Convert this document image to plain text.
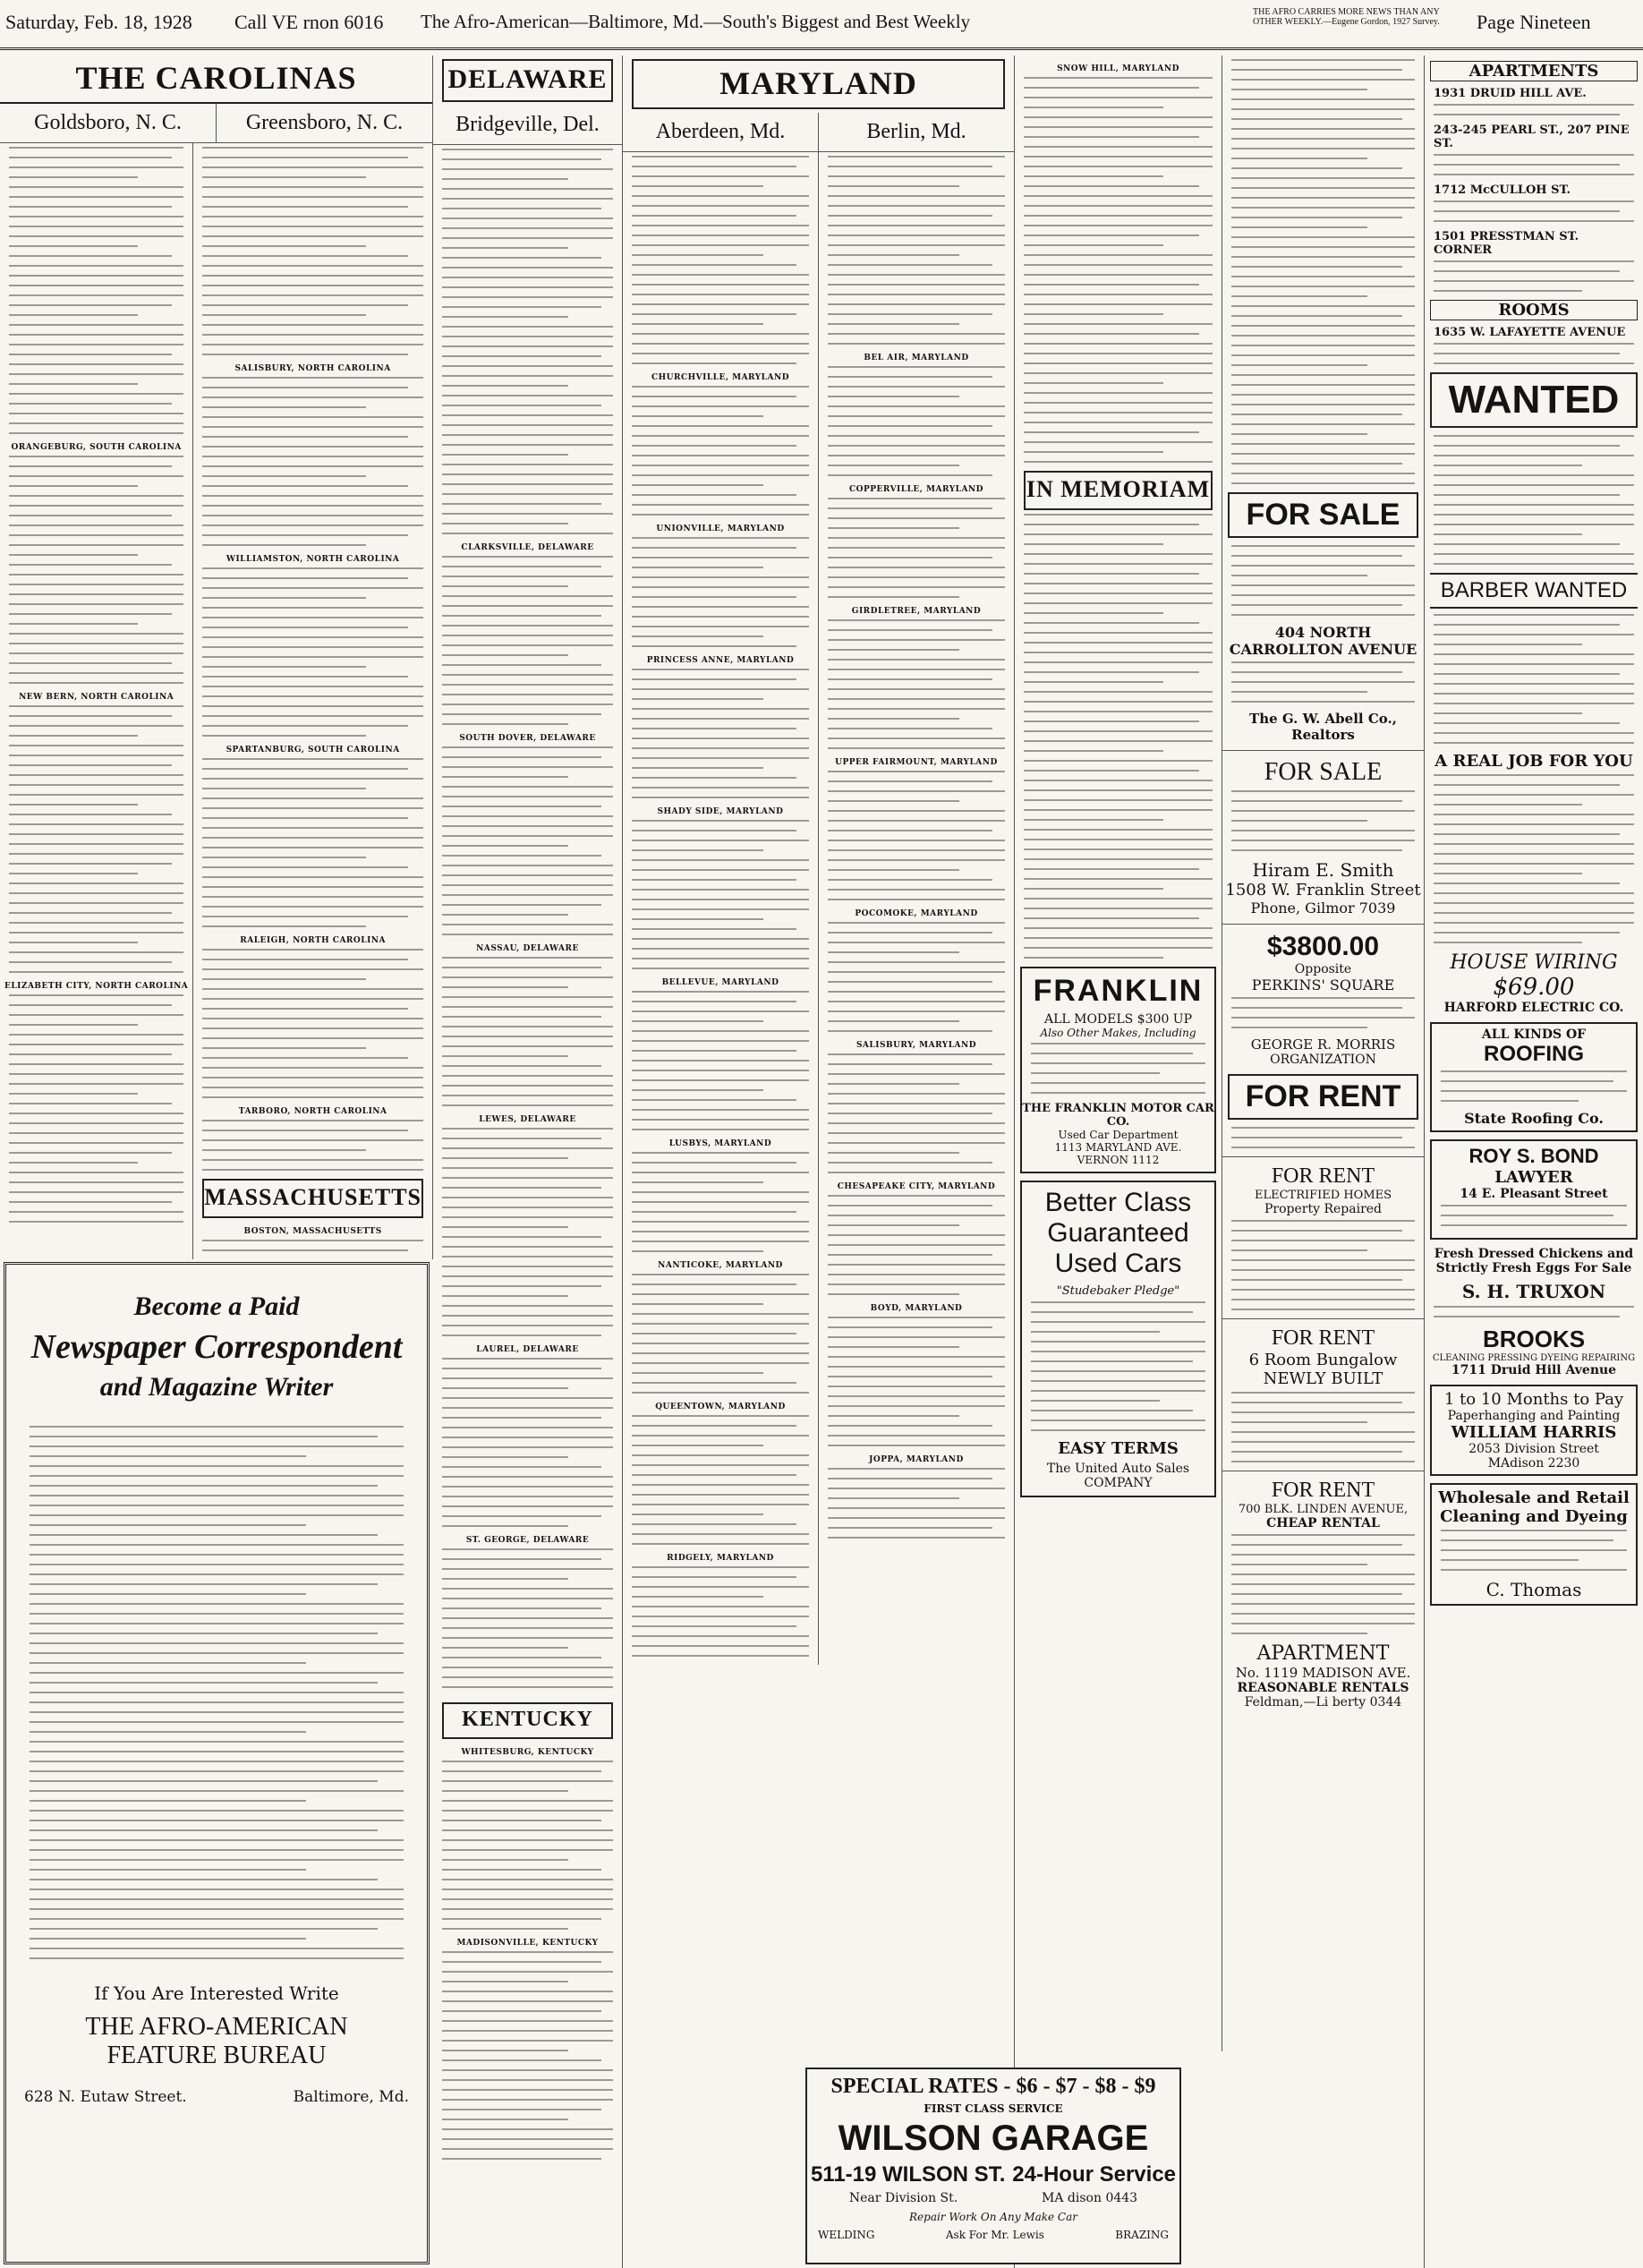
Saturday, Feb. 18, 1928 Call VE rnon 6016 The Afro-American—Baltimore, Md.—South's Biggest and Best Weekly	THE AFRO CARRIES MORE NEWS THAN ANY OTHER WEEKLY.—Eugene Gordon, 1927 Survey.	Page Nineteen
THE CAROLINAS
Goldsboro, N. C.	Greensboro, N. C.
ORANGEBURG, SOUTH CAROLINA
NEW BERN, NORTH CAROLINA
ELIZABETH CITY, NORTH CAROLINA
SALISBURY, NORTH CAROLINA
WILLIAMSTON, NORTH CAROLINA
SPARTANBURG, SOUTH CAROLINA
RALEIGH, NORTH CAROLINA
TARBORO, NORTH CAROLINA
MASSACHUSETTS
BOSTON, MASSACHUSETTS
Become a Paid
Newspaper Correspondent
and Magazine Writer
If You Are Interested Write
THE AFRO-AMERICAN FEATURE BUREAU
628 N. Eutaw Street.	Baltimore, Md.
DELAWARE
Bridgeville, Del.
CLARKSVILLE, DELAWARE
SOUTH DOVER, DELAWARE
NASSAU, DELAWARE
LEWES, DELAWARE
LAUREL, DELAWARE
ST. GEORGE, DELAWARE
KENTUCKY
WHITESBURG, KENTUCKY
MADISONVILLE, KENTUCKY
MARYLAND
Aberdeen, Md.	Berlin, Md.
CHURCHVILLE, MARYLAND
UNIONVILLE, MARYLAND
PRINCESS ANNE, MARYLAND
SHADY SIDE, MARYLAND
BELLEVUE, MARYLAND
LUSBYS, MARYLAND
NANTICOKE, MARYLAND
QUEENTOWN, MARYLAND
RIDGELY, MARYLAND
BEL AIR, MARYLAND
COPPERVILLE, MARYLAND
GIRDLETREE, MARYLAND
UPPER FAIRMOUNT, MARYLAND
POCOMOKE, MARYLAND
SALISBURY, MARYLAND
CHESAPEAKE CITY, MARYLAND
BOYD, MARYLAND
JOPPA, MARYLAND
SPECIAL RATES - $6 - $7 - $8 - $9
FIRST CLASS SERVICE
WILSON GARAGE
511-19 WILSON ST. 24-Hour Service
Near Division St.	MA dison 0443
Repair Work On Any Make Car
WELDING	Ask For Mr. Lewis	BRAZING
SNOW HILL, MARYLAND
IN MEMORIAM
FRANKLIN
ALL MODELS $300 UP
Also Other Makes, Including
THE FRANKLIN MOTOR CAR CO.
Used Car Department
1113 MARYLAND AVE.
VERNON 1112
Better Class
Guaranteed
Used Cars
"Studebaker Pledge"
EASY TERMS
The United Auto Sales COMPANY
FOR SALE
404 NORTH CARROLLTON AVENUE
The G. W. Abell Co., Realtors
FOR SALE
Hiram E. Smith
1508 W. Franklin Street
Phone, Gilmor 7039
$3800.00
Opposite
PERKINS' SQUARE
GEORGE R. MORRIS
ORGANIZATION
FOR RENT
FOR RENT
ELECTRIFIED HOMES
Property Repaired
FOR RENT
6 Room Bungalow
NEWLY BUILT
FOR RENT
700 BLK. LINDEN AVENUE,
CHEAP RENTAL
APARTMENT
No. 1119 MADISON AVE.
REASONABLE RENTALS
Feldman,—Li berty 0344
APARTMENTS
1931 DRUID HILL AVE.
243-245 PEARL ST., 207 PINE ST.
1712 McCULLOH ST.
1501 PRESSTMAN ST. CORNER
ROOMS
1635 W. LAFAYETTE AVENUE
WANTED
BARBER WANTED
A REAL JOB FOR YOU
HOUSE WIRING
$69.00
HARFORD ELECTRIC CO.
ALL KINDS OF
ROOFING
State Roofing Co.
ROY S. BOND
LAWYER
14 E. Pleasant Street
Fresh Dressed Chickens and Strictly Fresh Eggs For Sale
S. H. TRUXON
BROOKS
CLEANING PRESSING DYEING REPAIRING
1711 Druid Hill Avenue
1 to 10 Months to Pay
Paperhanging and Painting
WILLIAM HARRIS
2053 Division Street
MAdison 2230
Wholesale and Retail
Cleaning and Dyeing
C. Thomas
